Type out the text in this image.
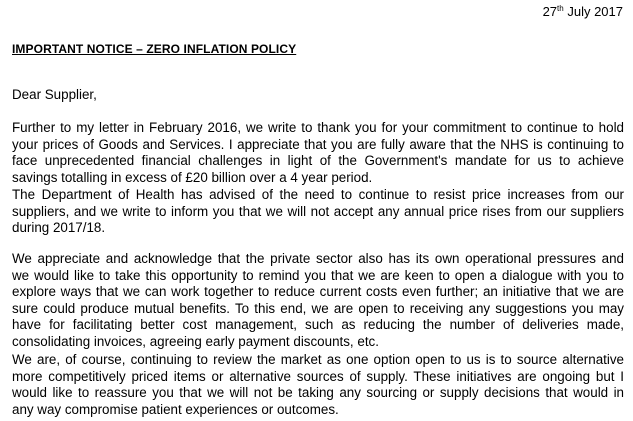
27th July 2017
IMPORTANT NOTICE – ZERO INFLATION POLICY
Dear Supplier,
Further to my letter in February 2016, we write to thank you for your commitment to continue to hold
your prices of Goods and Services. I appreciate that you are fully aware that the NHS is continuing to
face unprecedented financial challenges in light of the Government's mandate for us to achieve
savings totalling in excess of £20 billion over a 4 year period.
The Department of Health has advised of the need to continue to resist price increases from our
suppliers, and we write to inform you that we will not accept any annual price rises from our suppliers
during 2017/18.
We appreciate and acknowledge that the private sector also has its own operational pressures and
we would like to take this opportunity to remind you that we are keen to open a dialogue with you to
explore ways that we can work together to reduce current costs even further; an initiative that we are
sure could produce mutual benefits. To this end, we are open to receiving any suggestions you may
have for facilitating better cost management, such as reducing the number of deliveries made,
consolidating invoices, agreeing early payment discounts, etc.
We are, of course, continuing to review the market as one option open to us is to source alternative
more competitively priced items or alternative sources of supply. These initiatives are ongoing but I
would like to reassure you that we will not be taking any sourcing or supply decisions that would in
any way compromise patient experiences or outcomes.
